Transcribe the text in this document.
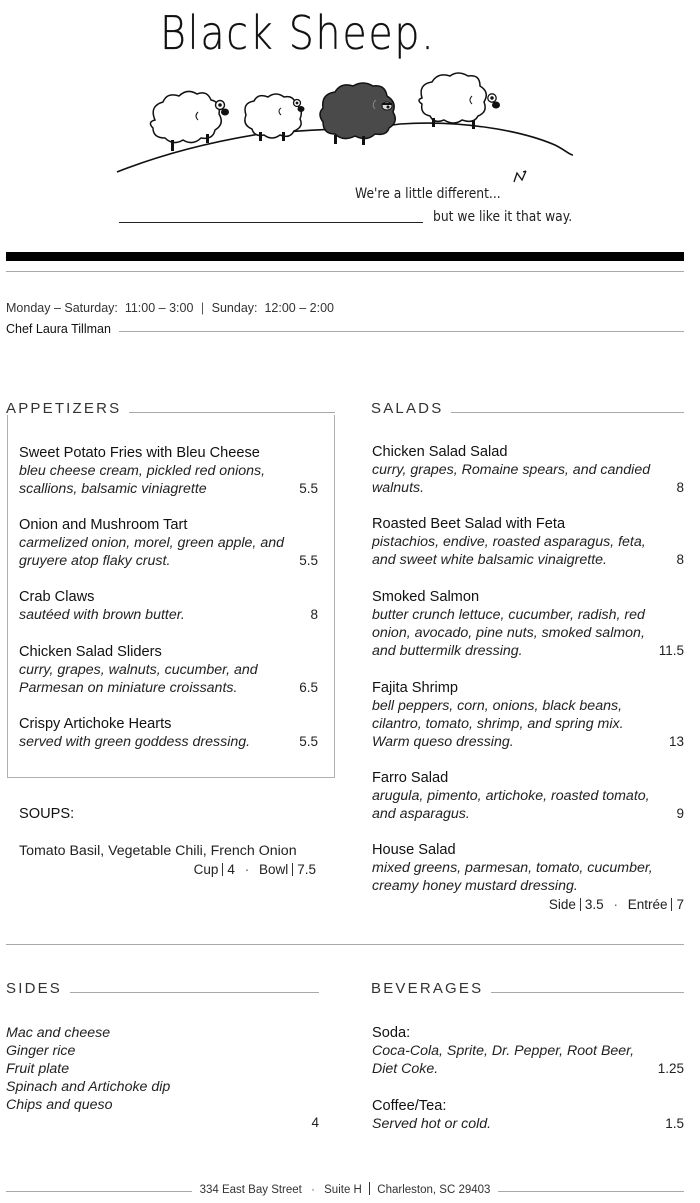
Black Sheep.
We're a little different...
but we like it that way.
Monday – Saturday: 11:00 – 3:00 | Sunday: 12:00 – 2:00
Chef Laura Tillman
APPETIZERS
Sweet Potato Fries with Bleu Cheese
bleu cheese cream, pickled red onions,
scallions, balsamic viniagrette	5.5
Onion and Mushroom Tart
carmelized onion, morel, green apple, and
gruyere atop flaky crust.	5.5
Crab Claws
sautéed with brown butter.	8
Chicken Salad Sliders
curry, grapes, walnuts, cucumber, and
Parmesan on miniature croissants.	6.5
Crispy Artichoke Hearts
served with green goddess dressing.	5.5
SOUPS:
Tomato Basil, Vegetable Chili, French Onion
Cup 4 · Bowl 7.5
SALADS
Chicken Salad Salad
curry, grapes, Romaine spears, and candied
walnuts.	8
Roasted Beet Salad with Feta
pistachios, endive, roasted asparagus, feta,
and sweet white balsamic vinaigrette.	8
Smoked Salmon
butter crunch lettuce, cucumber, radish, red
onion, avocado, pine nuts, smoked salmon,
and buttermilk dressing.	11.5
Fajita Shrimp
bell peppers, corn, onions, black beans,
cilantro, tomato, shrimp, and spring mix.
Warm queso dressing.	13
Farro Salad
arugula, pimento, artichoke, roasted tomato,
and asparagus.	9
House Salad
mixed greens, parmesan, tomato, cucumber,
creamy honey mustard dressing.
Side 3.5 · Entrée 7
SIDES
Mac and cheese
Ginger rice
Fruit plate
Spinach and Artichoke dip
Chips and queso
4
BEVERAGES
Soda:
Coca-Cola, Sprite, Dr. Pepper, Root Beer,
Diet Coke.	1.25
Coffee/Tea:
Served hot or cold.	1.5
334 East Bay Street · Suite H Charleston, SC 29403
